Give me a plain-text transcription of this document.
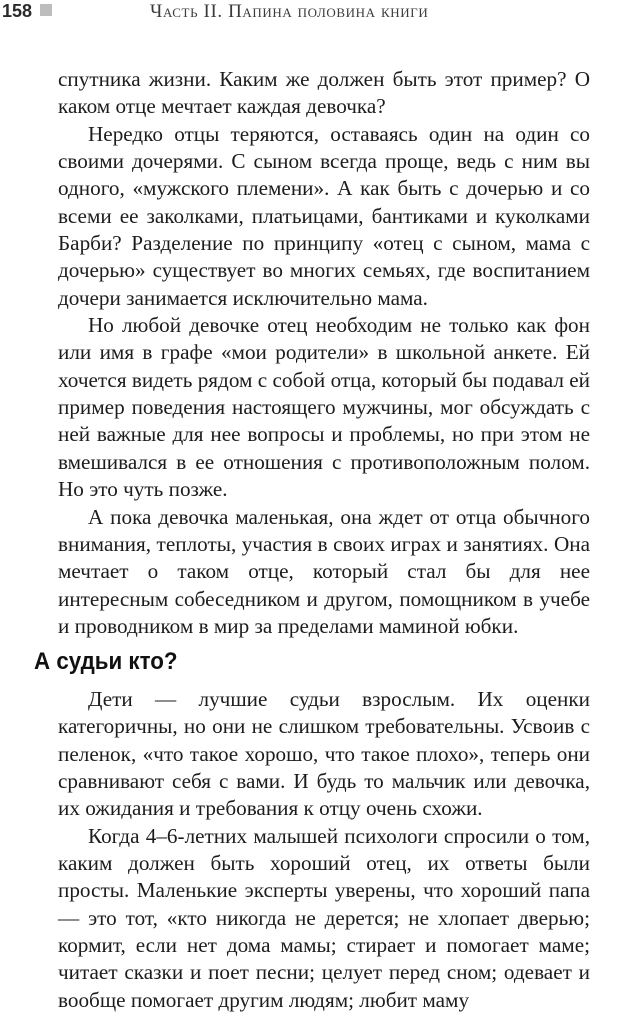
158	Часть II. Папина половина книги

спутника жизни. Каким же должен быть этот пример? О каком отце мечтает каждая девочка?

Нередко отцы теряются, оставаясь один на один со своими дочерями. С сыном всегда проще, ведь с ним вы одного, «мужского племени». А как быть с дочерью и со всеми ее заколками, платьицами, бантиками и куколками Барби? Разделение по принципу «отец с сыном, мама с дочерью» существует во многих семьях, где воспитанием дочери занимается исключительно мама.

Но любой девочке отец необходим не только как фон или имя в графе «мои родители» в школьной анкете. Ей хочется видеть рядом с собой отца, который бы подавал ей пример поведения настоящего мужчины, мог обсуждать с ней важные для нее вопросы и проблемы, но при этом не вмешивался в ее отношения с противоположным полом. Но это чуть позже.

А пока девочка маленькая, она ждет от отца обычного внимания, теплоты, участия в своих играх и занятиях. Она мечтает о таком отце, который стал бы для нее интересным собеседником и другом, помощником в учебе и проводником в мир за пределами маминой юбки.

А судьи кто?

Дети — лучшие судьи взрослым. Их оценки категоричны, но они не слишком требовательны. Усвоив с пеленок, «что такое хорошо, что такое плохо», теперь они сравнивают себя с вами. И будь то мальчик или девочка, их ожидания и требования к отцу очень схожи.

Когда 4–6-летних малышей психологи спросили о том, каким должен быть хороший отец, их ответы были просты. Маленькие эксперты уверены, что хороший папа — это тот, «кто никогда не дерется; не хлопает дверью; кормит, если нет дома мамы; стирает и помогает маме; читает сказки и поет песни; целует перед сном; одевает и вообще помогает другим людям; любит маму
